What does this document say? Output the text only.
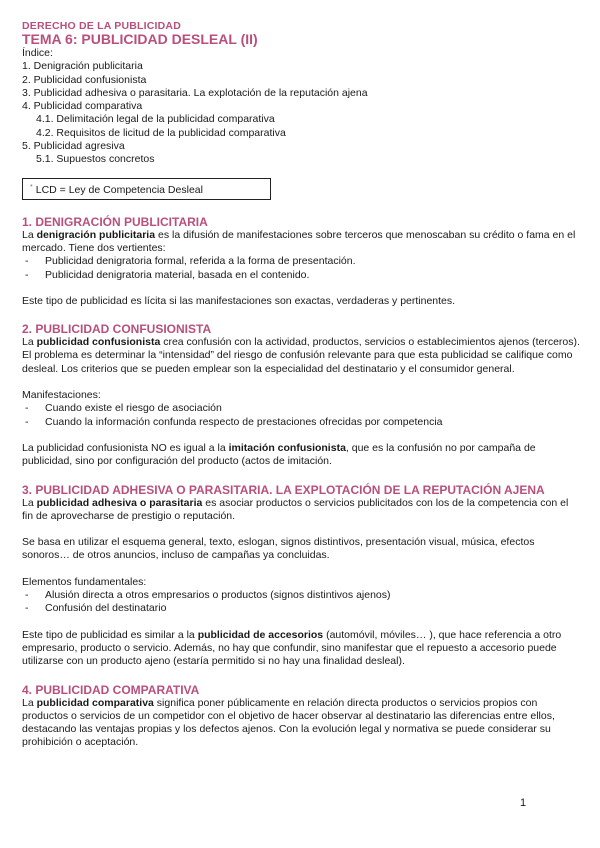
DERECHO DE LA PUBLICIDAD
TEMA 6: PUBLICIDAD DESLEAL (II)
Índice:
1. Denigración publicitaria
2. Publicidad confusionista
3. Publicidad adhesiva o parasitaria. La explotación de la reputación ajena
4. Publicidad comparativa
4.1. Delimitación legal de la publicidad comparativa
4.2. Requisitos de licitud de la publicidad comparativa
5. Publicidad agresiva
5.1. Supuestos concretos
* LCD = Ley de Competencia Desleal
1. DENIGRACIÓN PUBLICITARIA

La denigración publicitaria es la difusión de manifestaciones sobre terceros que menoscaban su crédito o fama en el mercado. Tiene dos vertientes:

-	Publicidad denigratoria formal, referida a la forma de presentación.
-	Publicidad denigratoria material, basada en el contenido.

Este tipo de publicidad es lícita si las manifestaciones son exactas, verdaderas y pertinentes.

2. PUBLICIDAD CONFUSIONISTA

La publicidad confusionista crea confusión con la actividad, productos, servicios o establecimientos ajenos (terceros). El problema es determinar la “intensidad” del riesgo de confusión relevante para que esta publicidad se califique como desleal. Los criterios que se pueden emplear son la especialidad del destinatario y el consumidor general.

Manifestaciones:

-	Cuando existe el riesgo de asociación
-	Cuando la información confunda respecto de prestaciones ofrecidas por competencia

La publicidad confusionista NO es igual a la imitación confusionista, que es la confusión no por campaña de publicidad, sino por configuración del producto (actos de imitación.

3. PUBLICIDAD ADHESIVA O PARASITARIA. LA EXPLOTACIÓN DE LA REPUTACIÓN AJENA

La publicidad adhesiva o parasitaria es asociar productos o servicios publicitados con los de la competencia con el fin de aprovecharse de prestigio o reputación.

Se basa en utilizar el esquema general, texto, eslogan, signos distintivos, presentación visual, música, efectos sonoros… de otros anuncios, incluso de campañas ya concluidas.

Elementos fundamentales:

-	Alusión directa a otros empresarios o productos (signos distintivos ajenos)
-	Confusión del destinatario

Este tipo de publicidad es similar a la publicidad de accesorios (automóvil, móviles… ), que hace referencia a otro empresario, producto o servicio. Además, no hay que confundir, sino manifestar que el repuesto a accesorio puede utilizarse con un producto ajeno (estaría permitido si no hay una finalidad desleal).

4. PUBLICIDAD COMPARATIVA

La publicidad comparativa significa poner públicamente en relación directa productos o servicios propios con productos o servicios de un competidor con el objetivo de hacer observar al destinatario las diferencias entre ellos, destacando las ventajas propias y los defectos ajenos. Con la evolución legal y normativa se puede considerar su prohibición o aceptación.

1
